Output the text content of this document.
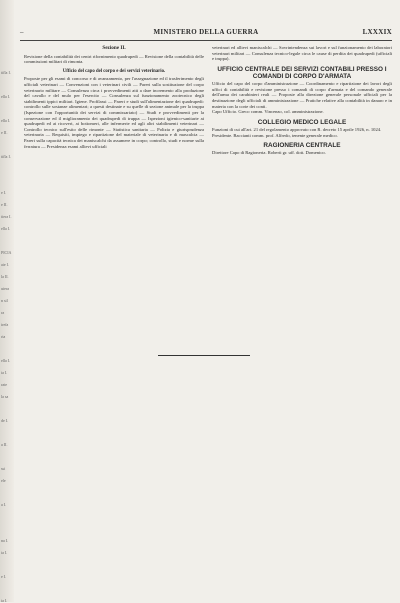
tifla I.
ella I.
ella I.
e II.
tifla I.
e I.
e II.
tiera I.
ella I.
PICIA
aie I.
la II.
uiera
n sil
ra
irefa
ria
ella I.
ia I.
rate
la sa
de I.
a II.
ssi
ele
a I.
na I.
ia I.
e I.
ia I.
–	MINISTERO DELLA GUERRA	LXXXIX
Sezione II.

Revisione della contabilità dei centri rifornimento quadrupedi — Revisione della contabilità delle commissioni militari di rimonta.

Ufficio del capo del corpo e dei servizi veterinario.

Proposte per gli esami di concorso e di avanzamento, per l'assegnazione ed il trasferimento degli ufficiali veterinari — Convenzioni con i veterinari civili — Pareri sulla sostituzione del corpo veterinario militare — Consulenza circa i provvedimenti atti a dare incremento alla produzione del cavallo e del mulo per l'esercito — Consulenza sul funzionamento zootecnico degli stabilimenti ippici militari. Igiene. Profilassi — Pareri e studi sull'alimentazione dei quadrupedi: controllo sulle sostanze alimentari; a questi destinate e su quelle di sezione animale per la truppa (Ispezione con l'opportunità dei servizi di commissariato) — Studi e provvedimenti per la conservazione ed il miglioramento dei quadrupedi di truppa — Ispezioni igienico-sanitarie ai quadrupedi ed ai ricoveri, ai bottomeri, alle infermerie ed agli altri stabilimenti veterinari — Controllo tecnico sull'esito delle rimonte — Statistica sanitaria — Polizia e giurisprudenza veterinaria — Requisiti, impiego e ripartizione del materiale di veterinaria e di mascalcia — Pareri sulla capacità tecnica dei maniscalchi da assumere in corpo; controllo, studi e norme sulla ferratura — Presidenza esami allievi ufficiali

veterinari ed allievi maniscalchi — Sovrintendenza sui lavori e sul funzionamento dei laboratori veterinari militari — Consulenza tecnico-legale circa le cause di perdita dei quadrupedi (ufficiali e truppa).

UFFICIO CENTRALE DEI SERVIZI CONTABILI PRESSO I COMANDI DI CORPO D'ARMATA

Ufficio del capo del corpo d'amministrazione — Coordinamento e ripartizione dei lavori degli uffici di contabilità e revisione presso i comandi di corpo d'armata e del comando generale dell'arma dei carabinieri reali — Proposte alla direzione generale personale ufficiali per la destinazione degli ufficiali di amministrazione — Pratiche relative alla contabilità in danaro e in materia con la corte dei conti.

Capo Ufficio. Greco comm. Vincenzo, col. amministrazione.

COLLEGIO MEDICO LEGALE

Funzioni di cui all'art. 21 del regolamento approvato con R. decreto 15 aprile 1926, n. 1024.

Presidente. Baccianti comm. prof. Alfredo, tenente generale medico.

RAGIONERIA CENTRALE

Direttore Capo di Ragioneria. Roberti gr. uff. dott. Domenico.
